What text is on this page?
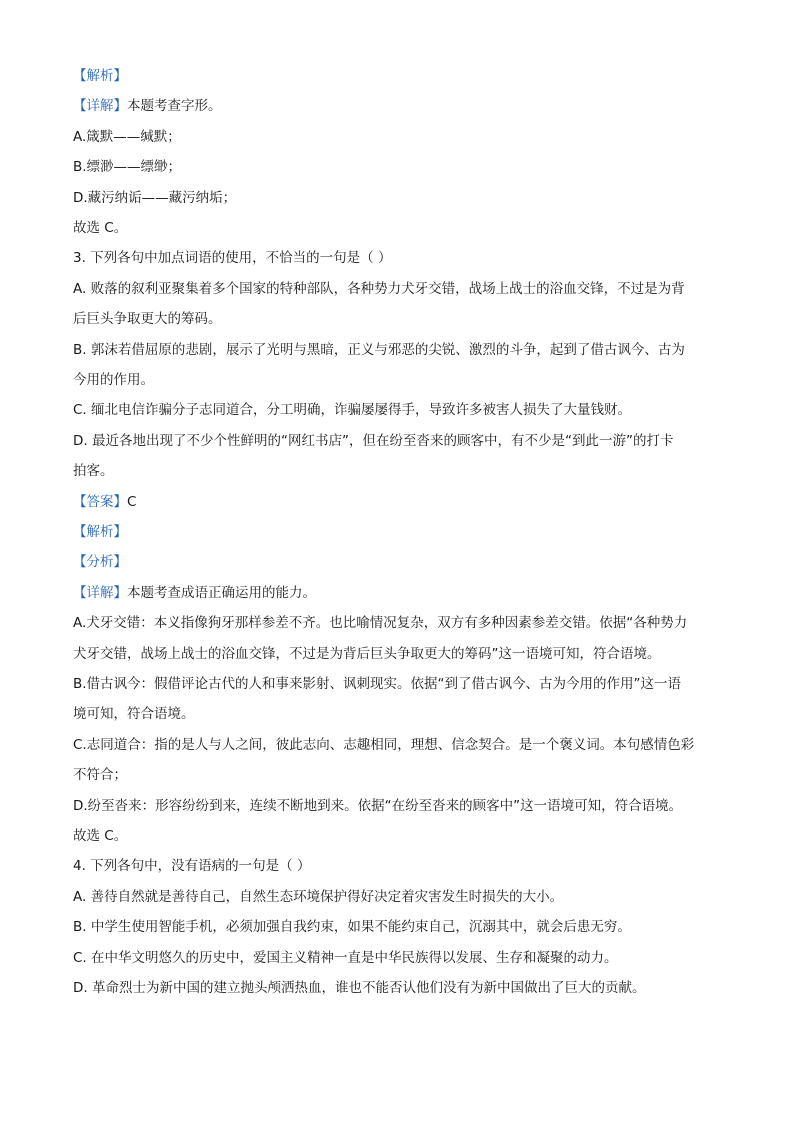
【解析】
【详解】本题考查字形。
A.箴默——缄默；
B.缥渺——缥缈；
D.藏污纳诟——藏污纳垢；
故选 C。
3. 下列各句中加点词语的使用，不恰当的一句是（ ）
A. 败落的叙利亚聚集着多个国家的特种部队，各种势力犬牙交错，战场上战士的浴血交锋，不过是为背
后巨头争取更大的筹码。
B. 郭沫若借屈原的悲剧，展示了光明与黑暗，正义与邪恶的尖锐、激烈的斗争，起到了借古讽今、古为
今用的作用。
C. 缅北电信诈骗分子志同道合，分工明确，诈骗屡屡得手，导致许多被害人损失了大量钱财。
D. 最近各地出现了不少个性鲜明的“网红书店”，但在纷至沓来的顾客中，有不少是“到此一游”的打卡
拍客。
【答案】C
【解析】
【分析】
【详解】本题考查成语正确运用的能力。
A.犬牙交错：本义指像狗牙那样参差不齐。也比喻情况复杂，双方有多种因素参差交错。依据“各种势力
犬牙交错，战场上战士的浴血交锋，不过是为背后巨头争取更大的筹码”这一语境可知，符合语境。
B.借古讽今：假借评论古代的人和事来影射、讽刺现实。依据“到了借古讽今、古为今用的作用”这一语
境可知，符合语境。
C.志同道合：指的是人与人之间，彼此志向、志趣相同，理想、信念契合。是一个褒义词。本句感情色彩
不符合；
D.纷至沓来：形容纷纷到来，连续不断地到来。依据“在纷至沓来的顾客中”这一语境可知，符合语境。
故选 C。
4. 下列各句中，没有语病的一句是（ ）
A. 善待自然就是善待自己，自然生态环境保护得好决定着灾害发生时损失的大小。
B. 中学生使用智能手机，必须加强自我约束，如果不能约束自己，沉溺其中，就会后患无穷。
C. 在中华文明悠久的历史中，爱国主义精神一直是中华民族得以发展、生存和凝聚的动力。
D. 革命烈士为新中国的建立抛头颅洒热血，谁也不能否认他们没有为新中国做出了巨大的贡献。
